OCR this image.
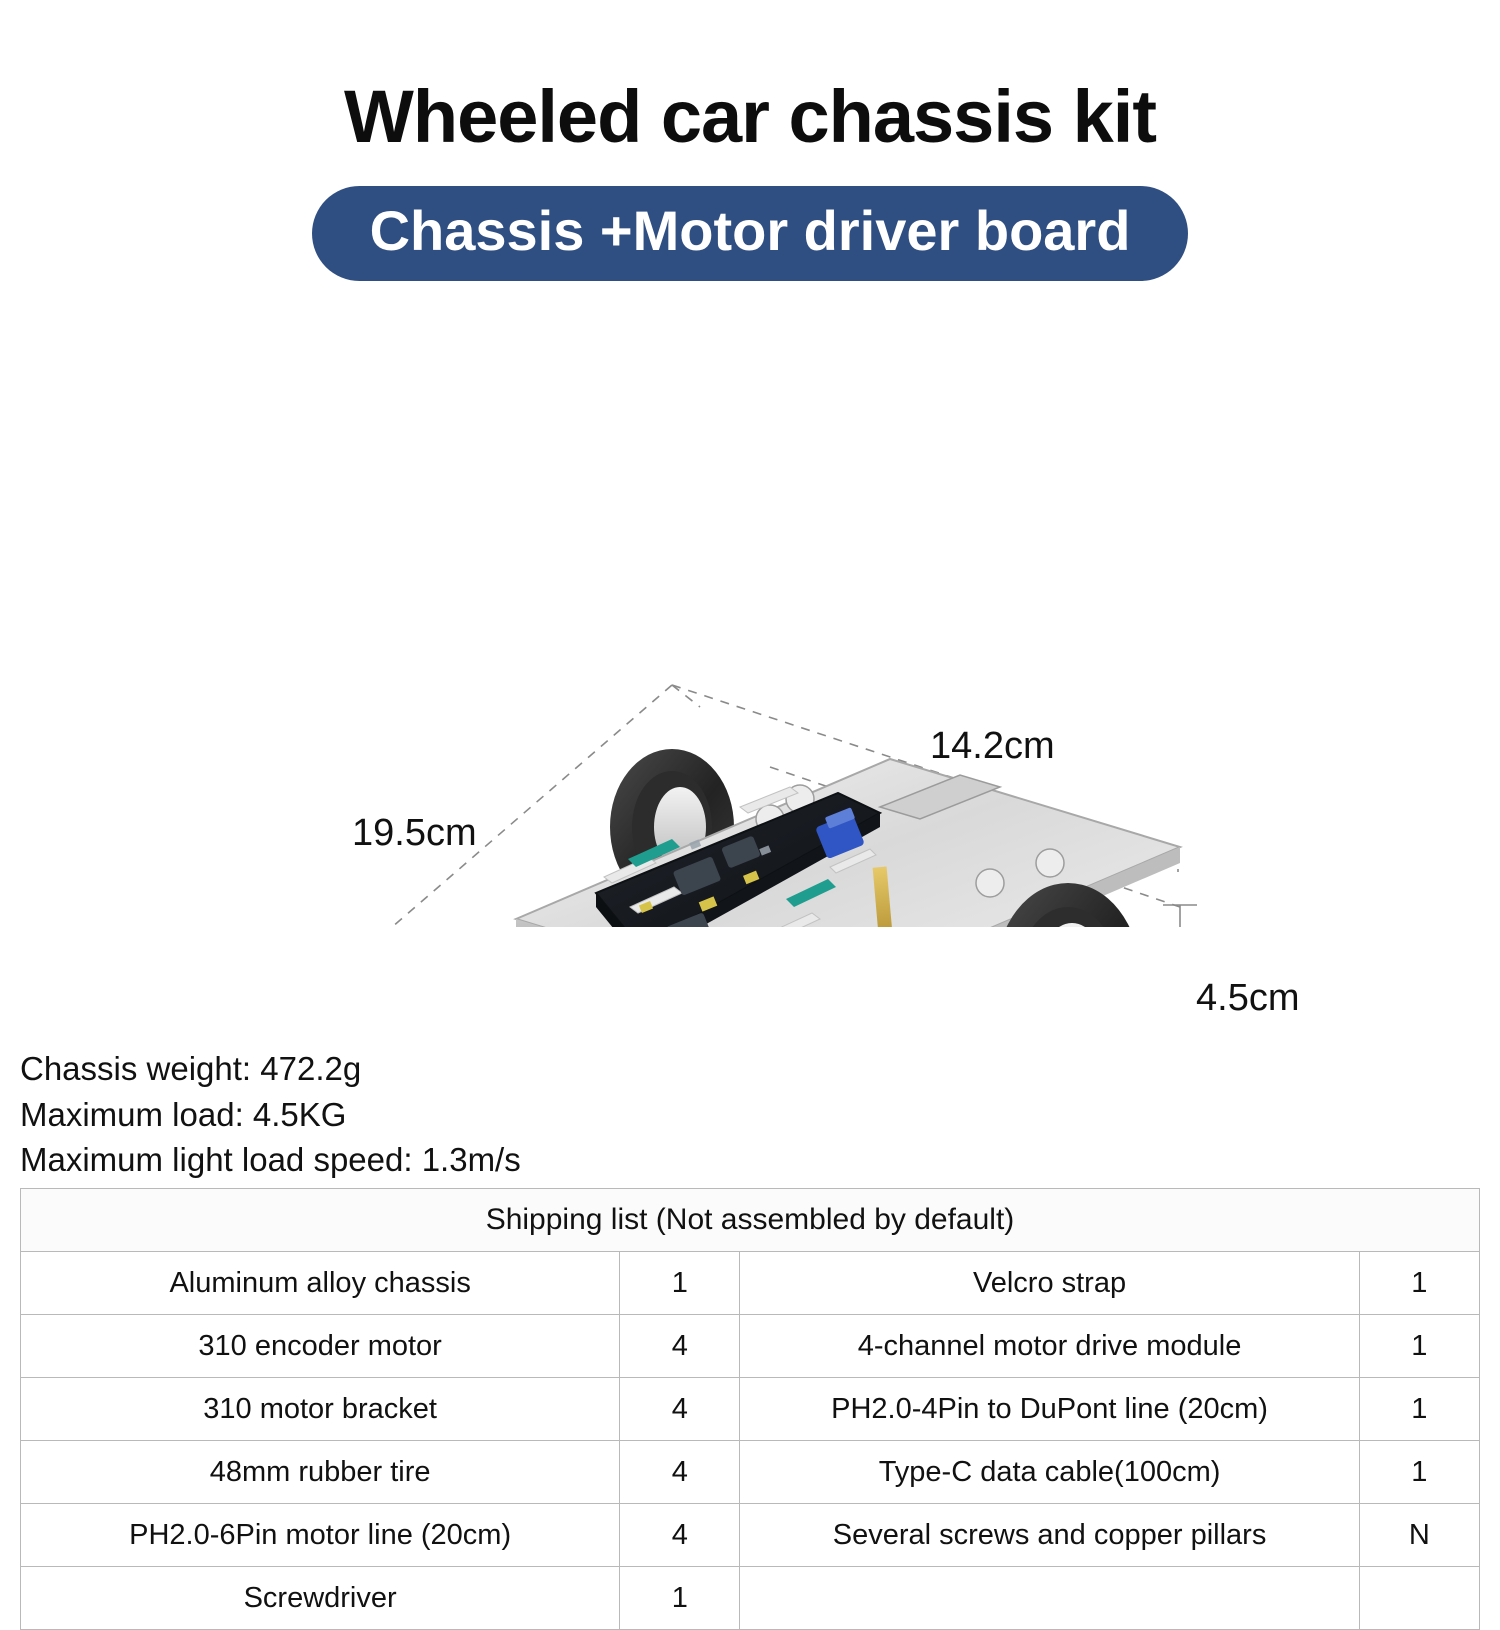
Wheeled car chassis kit
Chassis +Motor driver board
14.2cm
19.5cm
4.5cm
Chassis weight: 472.2g
Maximum load: 4.5KG
Maximum light load speed: 1.3m/s
Shipping list (Not assembled by default)			
Aluminum alloy chassis	1	Velcro strap	1
310 encoder motor	4	4-channel motor drive module	1
310 motor bracket	4	PH2.0-4Pin to DuPont line (20cm)	1
48mm rubber tire	4	Type-C data cable(100cm)	1
PH2.0-6Pin motor line (20cm)	4	Several screws and copper pillars	N
Screwdriver	1		
